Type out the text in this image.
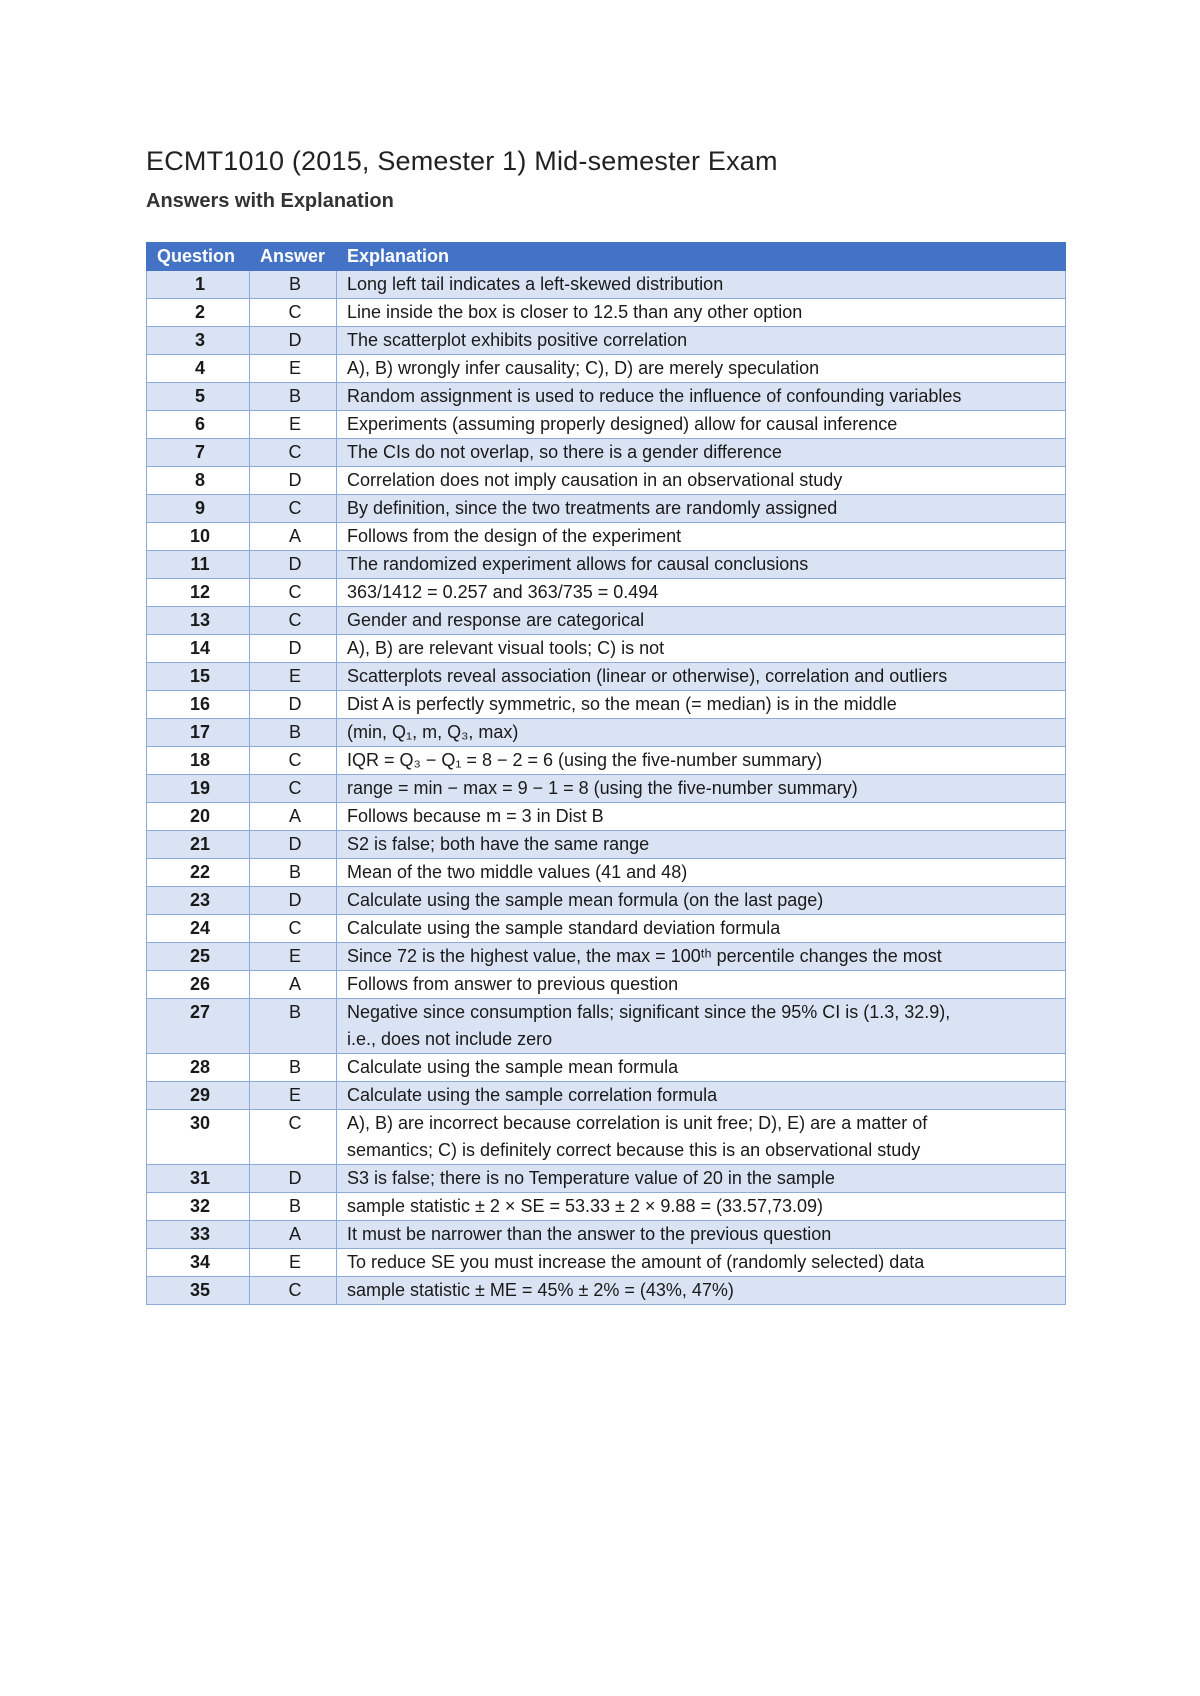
ECMT1010 (2015, Semester 1) Mid-semester Exam
Answers with Explanation
Question	Answer	Explanation
1	B	Long left tail indicates a left-skewed distribution

2	C	Line inside the box is closer to 12.5 than any other option

3	D	The scatterplot exhibits positive correlation

4	E	A), B) wrongly infer causality; C), D) are merely speculation

5	B	Random assignment is used to reduce the influence of confounding variables

6	E	Experiments (assuming properly designed) allow for causal inference

7	C	The CIs do not overlap, so there is a gender difference

8	D	Correlation does not imply causation in an observational study

9	C	By definition, since the two treatments are randomly assigned

10	A	Follows from the design of the experiment

11	D	The randomized experiment allows for causal conclusions

12	C	363/1412 = 0.257 and 363/735 = 0.494

13	C	Gender and response are categorical

14	D	A), B) are relevant visual tools; C) is not

15	E	Scatterplots reveal association (linear or otherwise), correlation and outliers

16	D	Dist A is perfectly symmetric, so the mean (= median) is in the middle

17	B	(min, Q₁, m, Q₃, max)

18	C	IQR = Q₃ − Q₁ = 8 − 2 = 6 (using the five-number summary)

19	C	range = min − max = 9 − 1 = 8 (using the five-number summary)

20	A	Follows because m = 3 in Dist B

21	D	S2 is false; both have the same range

22	B	Mean of the two middle values (41 and 48)

23	D	Calculate using the sample mean formula (on the last page)

24	C	Calculate using the sample standard deviation formula

25	E	Since 72 is the highest value, the max = 100ᵗʰ percentile changes the most

26	A	Follows from answer to previous question

27	B	Negative since consumption falls; significant since the 95% CI is (1.3, 32.9),
i.e., does not include zero

28	B	Calculate using the sample mean formula

29	E	Calculate using the sample correlation formula

30	C	A), B) are incorrect because correlation is unit free; D), E) are a matter of
semantics; C) is definitely correct because this is an observational study

31	D	S3 is false; there is no Temperature value of 20 in the sample

32	B	sample statistic ± 2 × SE = 53.33 ± 2 × 9.88 = (33.57,73.09)

33	A	It must be narrower than the answer to the previous question

34	E	To reduce SE you must increase the amount of (randomly selected) data

35	C	sample statistic ± ME = 45% ± 2% = (43%, 47%)
